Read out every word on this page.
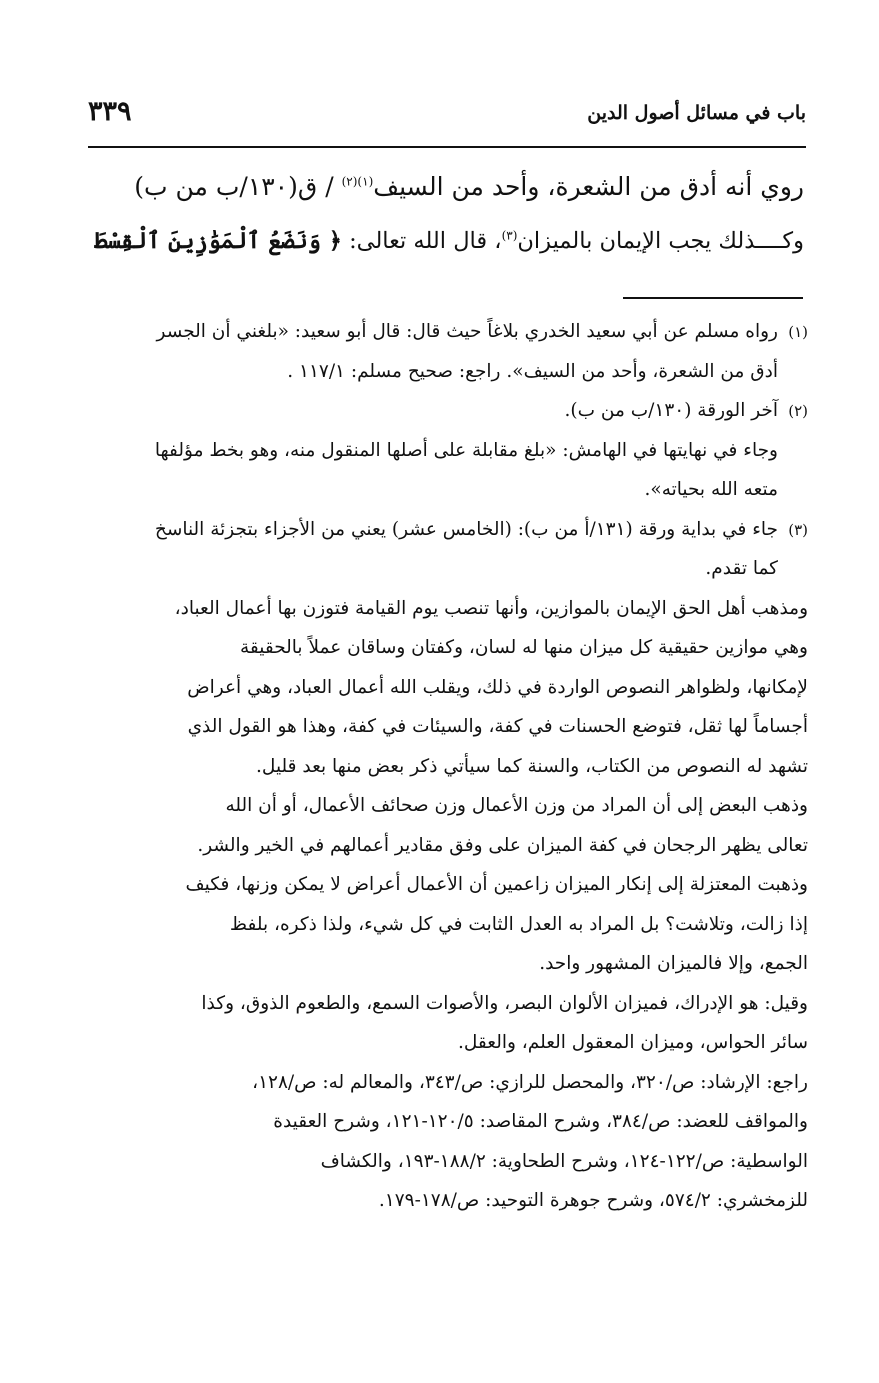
باب في مسائل أصول الدين
٣٣٩
روي أنه أدق من الشعرة، وأحد من السيف$^{(١)(٢)}$ / ق(١٣٠/ب من ب)
وكــــذلك يجب الإيمان بالميزان$^{(٣)}$، قال الله تعالى: ﴿ وَنَضَعُ ٱلْمَوَٰزِينَ ٱلْقِسْطَ
(١)رواه مسلم عن أبي سعيد الخدري بلاغاً حيث قال: قال أبو سعيد: «بلغني أن الجسر
أدق من الشعرة، وأحد من السيف». راجع: صحيح مسلم: ١١٧/١ .
(٢)آخر الورقة (١٣٠/ب من ب).
وجاء في نهايتها في الهامش: «بلغ مقابلة على أصلها المنقول منه، وهو بخط مؤلفها
متعه الله بحياته».
(٣)جاء في بداية ورقة (١٣١/أ من ب): (الخامس عشر) يعني من الأجزاء بتجزئة الناسخ
كما تقدم.
ومذهب أهل الحق الإيمان بالموازين، وأنها تنصب يوم القيامة فتوزن بها أعمال العباد،
وهي موازين حقيقية كل ميزان منها له لسان، وكفتان وساقان عملاً بالحقيقة
لإمكانها، ولظواهر النصوص الواردة في ذلك، ويقلب الله أعمال العباد، وهي أعراض
أجساماً لها ثقل، فتوضع الحسنات في كفة، والسيئات في كفة، وهذا هو القول الذي
تشهد له النصوص من الكتاب، والسنة كما سيأتي ذكر بعض منها بعد قليل.
وذهب البعض إلى أن المراد من وزن الأعمال وزن صحائف الأعمال، أو أن الله
تعالى يظهر الرجحان في كفة الميزان على وفق مقادير أعمالهم في الخير والشر.
وذهبت المعتزلة إلى إنكار الميزان زاعمين أن الأعمال أعراض لا يمكن وزنها، فكيف
إذا زالت، وتلاشت؟ بل المراد به العدل الثابت في كل شيء، ولذا ذكره، بلفظ
الجمع، وإلا فالميزان المشهور واحد.
وقيل: هو الإدراك، فميزان الألوان البصر، والأصوات السمع، والطعوم الذوق، وكذا
سائر الحواس، وميزان المعقول العلم، والعقل.
راجع: الإرشاد: ص/٣٢٠، والمحصل للرازي: ص/٣٤٣، والمعالم له: ص/١٢٨،
والمواقف للعضد: ص/٣٨٤، وشرح المقاصد: ١٢٠/٥-١٢١، وشرح العقيدة
الواسطية: ص/١٢٢-١٢٤، وشرح الطحاوية: ١٨٨/٢-١٩٣، والكشاف
للزمخشري: ٥٧٤/٢، وشرح جوهرة التوحيد: ص/١٧٨-١٧٩.
